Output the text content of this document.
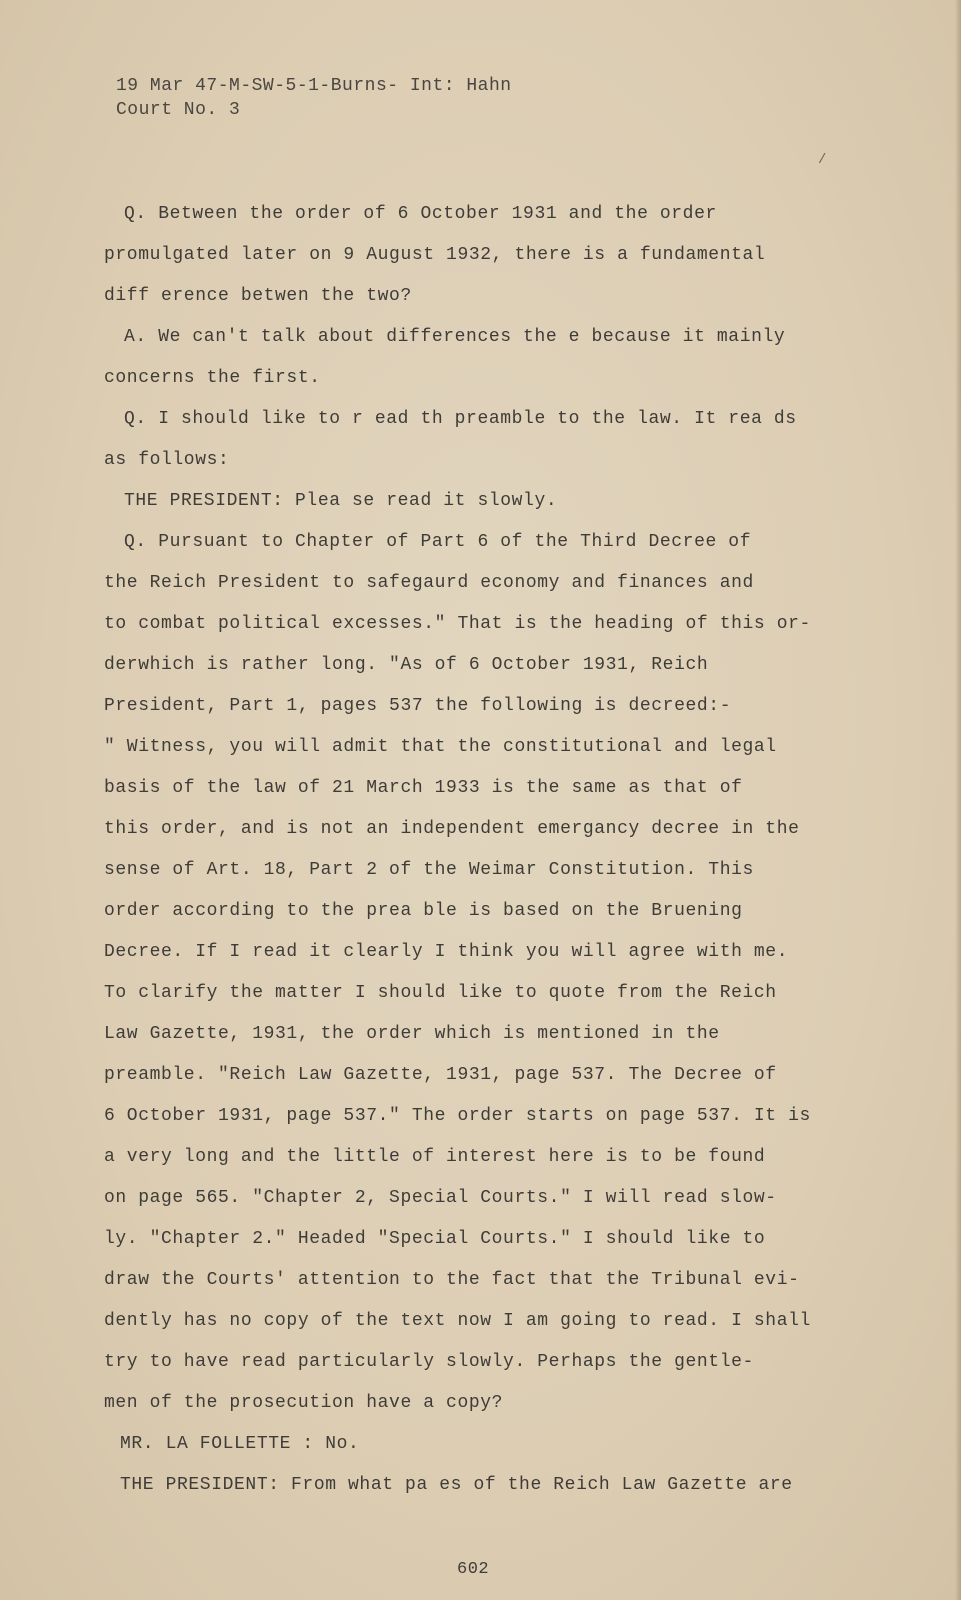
19 Mar 47-M-SW-5-1-Burns- Int: Hahn
Court No. 3
/
Q. Between the order of 6 October 1931 and the order
promulgated later on 9 August 1932, there is a fundamental
diff erence betwen the two?
A. We can't talk about differences the e because it mainly
concerns the first.
Q. I should like to r ead th preamble to the law. It rea ds
as follows:
THE PRESIDENT: Plea se read it slowly.
Q. Pursuant to Chapter of Part 6 of the Third Decree of
the Reich President to safegaurd economy and finances and
to combat political excesses." That is the heading of this or-
derwhich is rather long. "As of 6 October 1931, Reich
President, Part 1, pages 537 the following is decreed:-
" Witness, you will admit that the constitutional and legal
basis of the law of 21 March 1933 is the same as that of
this order, and is not an independent emergancy decree in the
sense of Art. 18, Part 2 of the Weimar Constitution. This
order according to the prea ble is based on the Bruening
Decree. If I read it clearly I think you will agree with me.
To clarify the matter I should like to quote from the Reich
Law Gazette, 1931, the order which is mentioned in the
preamble. "Reich Law Gazette, 1931, page 537. The Decree of
6 October 1931, page 537." The order starts on page 537. It is
a very long and the little of interest here is to be found
on page 565. "Chapter 2, Special Courts." I will read slow-
ly. "Chapter 2." Headed "Special Courts." I should like to
draw the Courts' attention to the fact that the Tribunal evi-
dently has no copy of the text now I am going to read. I shall
try to have read particularly slowly. Perhaps the gentle-
men of the prosecution have a copy?
MR. LA FOLLETTE : No.
THE PRESIDENT: From what pa es of the Reich Law Gazette are
602
